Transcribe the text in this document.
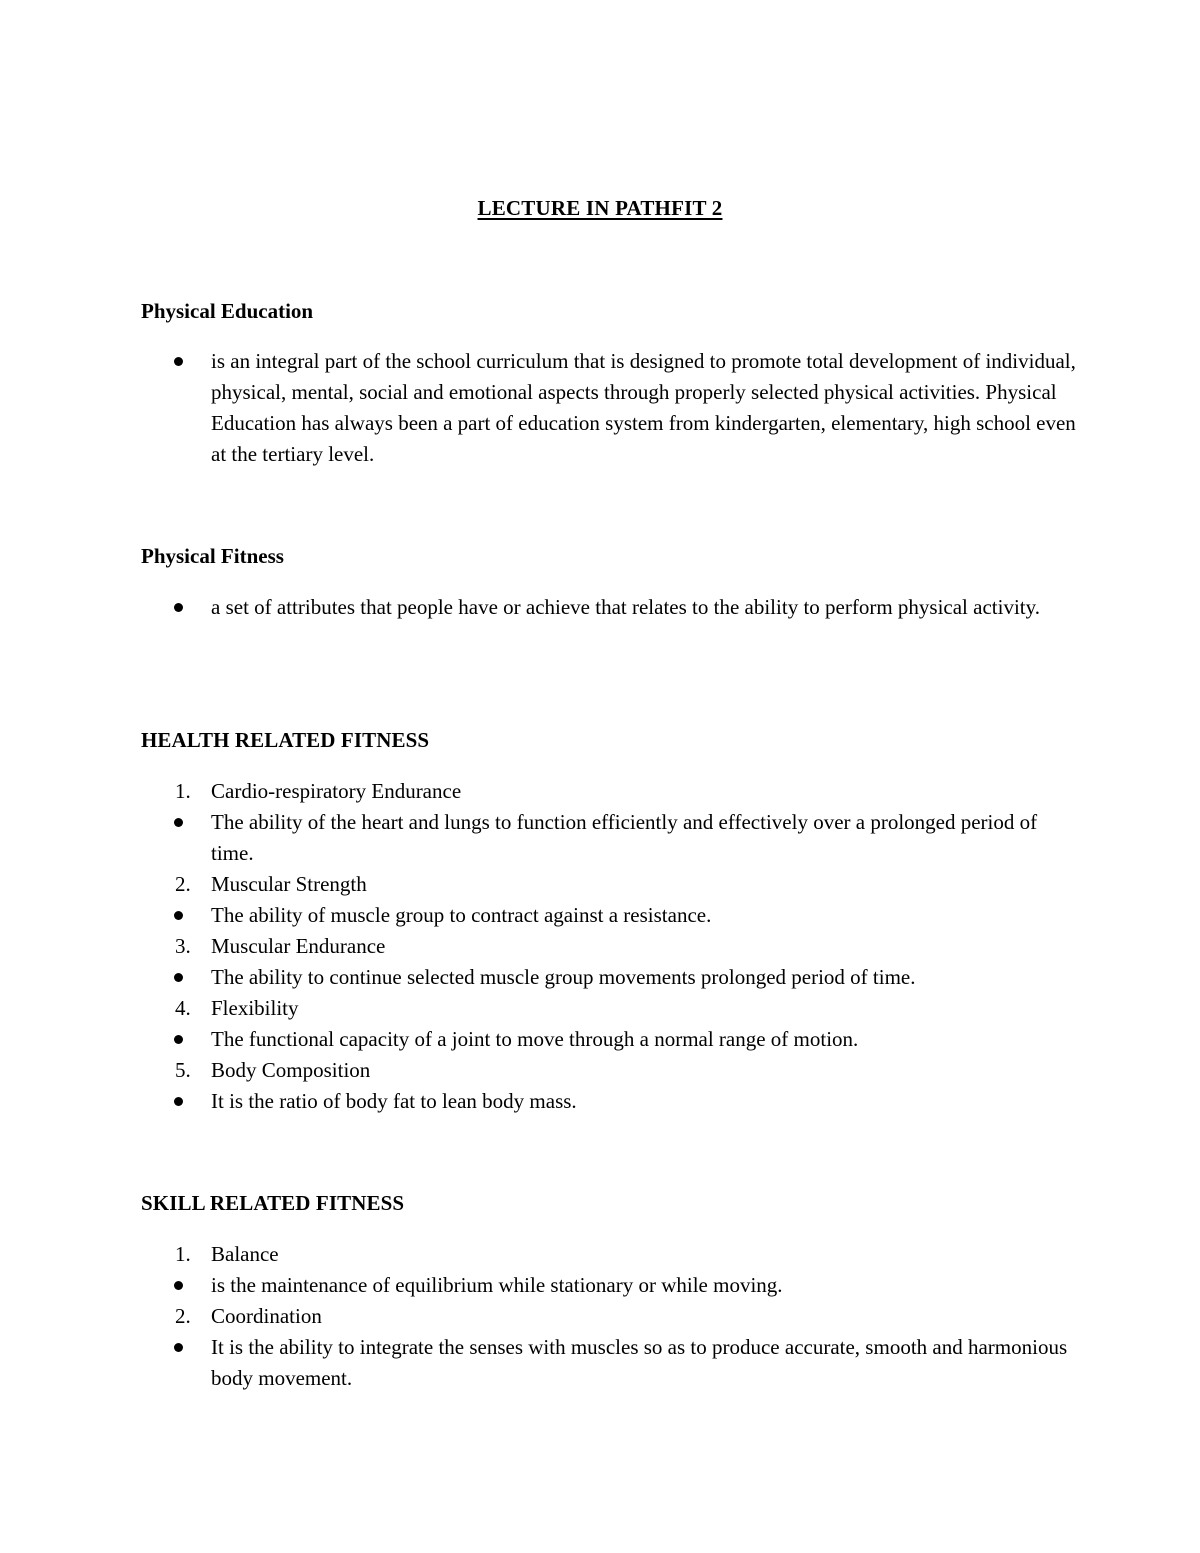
LECTURE IN PATHFIT 2
Physical Education
is an integral part of the school curriculum that is designed to promote total development of individual, physical, mental, social and emotional aspects through properly selected physical activities. Physical Education has always been a part of education system from kindergarten, elementary, high school even at the tertiary level.
Physical Fitness
a set of attributes that people have or achieve that relates to the ability to perform physical activity.
HEALTH RELATED FITNESS
1. Cardio-respiratory Endurance
The ability of the heart and lungs to function efficiently and effectively over a prolonged period of time.
2. Muscular Strength
The ability of muscle group to contract against a resistance.
3. Muscular Endurance
The ability to continue selected muscle group movements prolonged period of time.
4. Flexibility
The functional capacity of a joint to move through a normal range of motion.
5. Body Composition
It is the ratio of body fat to lean body mass.
SKILL RELATED FITNESS
1. Balance
is the maintenance of equilibrium while stationary or while moving.
2. Coordination
It is the ability to integrate the senses with muscles so as to produce accurate, smooth and harmonious body movement.
